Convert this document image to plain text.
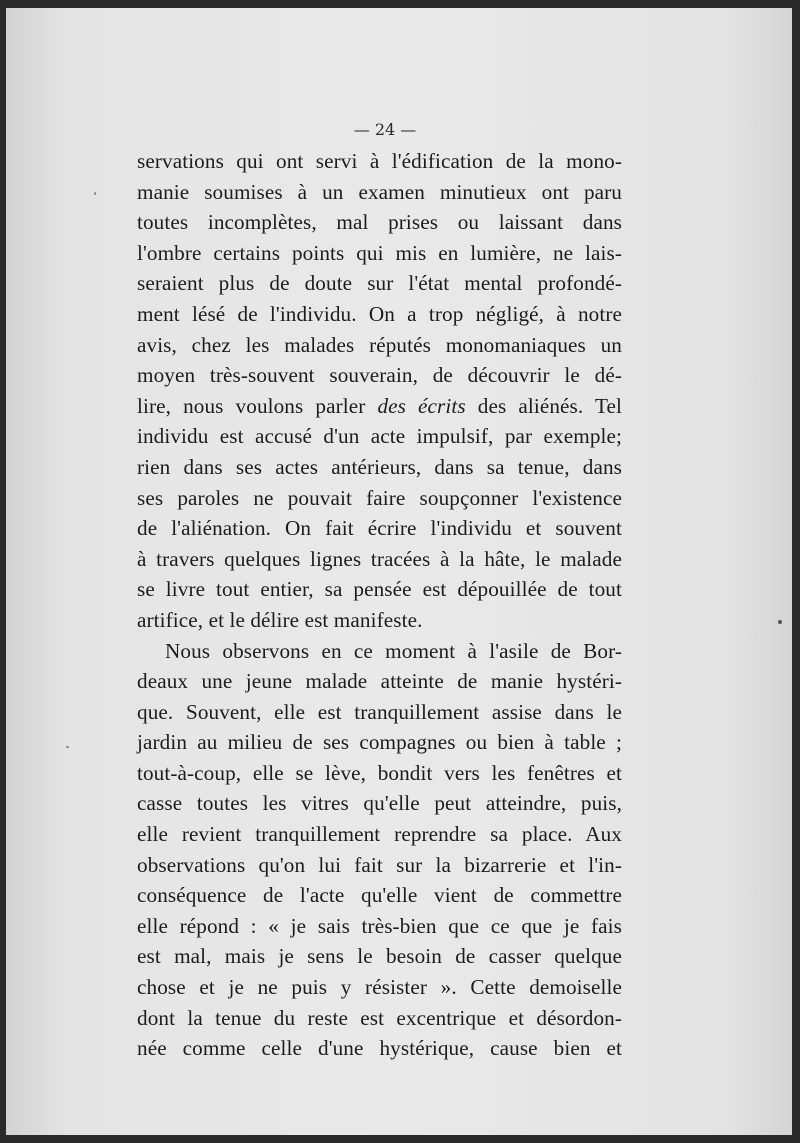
— 24 —
servations qui ont servi à l'édification de la mono-
manie soumises à un examen minutieux ont paru
toutes incomplètes, mal prises ou laissant dans
l'ombre certains points qui mis en lumière, ne lais-
seraient plus de doute sur l'état mental profondé-
ment lésé de l'individu. On a trop négligé, à notre
avis, chez les malades réputés monomaniaques un
moyen très-souvent souverain, de découvrir le dé-
lire, nous voulons parler des écrits des aliénés. Tel
individu est accusé d'un acte impulsif, par exemple;
rien dans ses actes antérieurs, dans sa tenue, dans
ses paroles ne pouvait faire soupçonner l'existence
de l'aliénation. On fait écrire l'individu et souvent
à travers quelques lignes tracées à la hâte, le malade
se livre tout entier, sa pensée est dépouillée de tout
artifice, et le délire est manifeste.
Nous observons en ce moment à l'asile de Bor-
deaux une jeune malade atteinte de manie hystéri-
que. Souvent, elle est tranquillement assise dans le
jardin au milieu de ses compagnes ou bien à table ;
tout-à-coup, elle se lève, bondit vers les fenêtres et
casse toutes les vitres qu'elle peut atteindre, puis,
elle revient tranquillement reprendre sa place. Aux
observations qu'on lui fait sur la bizarrerie et l'in-
conséquence de l'acte qu'elle vient de commettre
elle répond : « je sais très-bien que ce que je fais
est mal, mais je sens le besoin de casser quelque
chose et je ne puis y résister ». Cette demoiselle
dont la tenue du reste est excentrique et désordon-
née comme celle d'une hystérique, cause bien et
